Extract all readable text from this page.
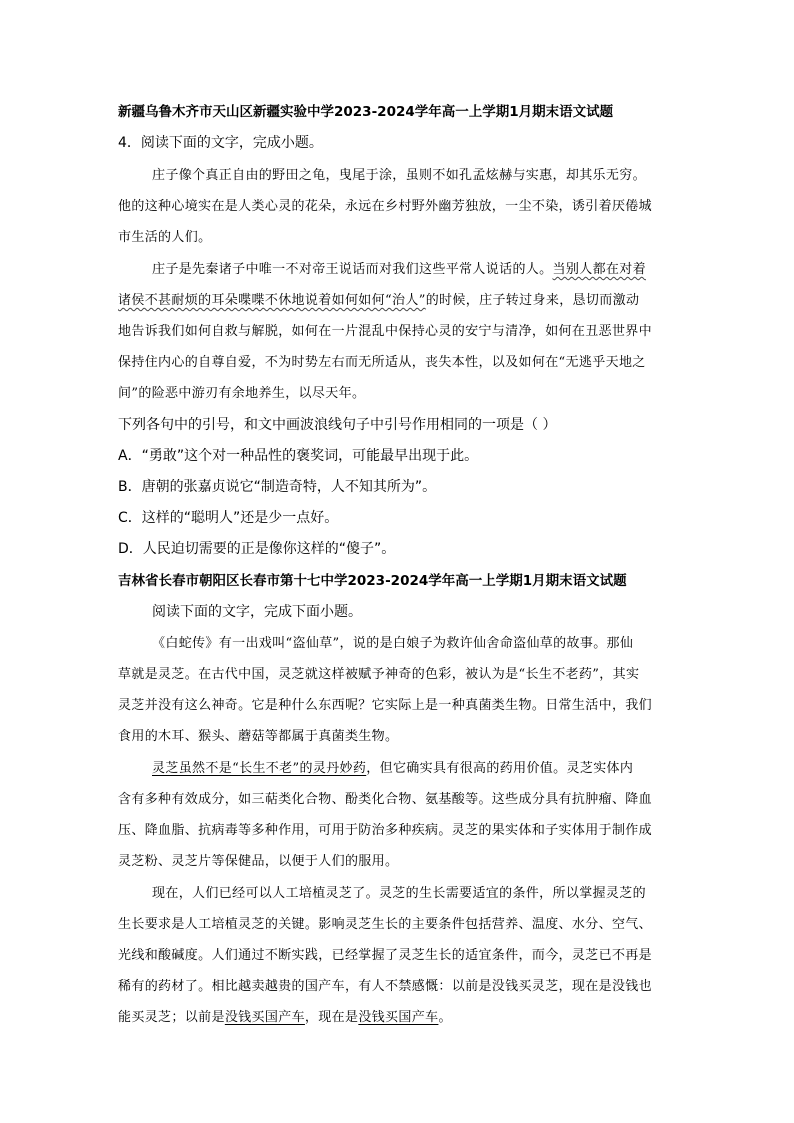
新疆乌鲁木齐市天山区新疆实验中学2023-2024学年高一上学期1月期末语文试题
4．阅读下面的文字，完成小题。
庄子像个真正自由的野田之龟，曳尾于涂，虽则不如孔孟炫赫与实惠，却其乐无穷。
他的这种心境实在是人类心灵的花朵，永远在乡村野外幽芳独放，一尘不染，诱引着厌倦城
市生活的人们。
庄子是先秦诸子中唯一不对帝王说话而对我们这些平常人说话的人。当别人都在对着
诸侯不甚耐烦的耳朵喋喋不休地说着如何如何“治人”的时候，庄子转过身来，恳切而激动
地告诉我们如何自救与解脱，如何在一片混乱中保持心灵的安宁与清净，如何在丑恶世界中
保持住内心的自尊自爱，不为时势左右而无所适从，丧失本性，以及如何在“无逃乎天地之
间”的险恶中游刃有余地养生，以尽天年。
下列各句中的引号，和文中画波浪线句子中引号作用相同的一项是（ ）
A．“勇敢”这个对一种品性的褒奖词，可能最早出现于此。
B．唐朝的张嘉贞说它“制造奇特，人不知其所为”。
C．这样的“聪明人”还是少一点好。
D．人民迫切需要的正是像你这样的“傻子”。
吉林省长春市朝阳区长春市第十七中学2023-2024学年高一上学期1月期末语文试题
阅读下面的文字，完成下面小题。
《白蛇传》有一出戏叫“盗仙草”，说的是白娘子为救许仙舍命盗仙草的故事。那仙
草就是灵芝。在古代中国，灵芝就这样被赋予神奇的色彩，被认为是“长生不老药”，其实
灵芝并没有这么神奇。它是种什么东西呢？它实际上是一种真菌类生物。日常生活中，我们
食用的木耳、猴头、蘑菇等都属于真菌类生物。
灵芝虽然不是“长生不老”的灵丹妙药，但它确实具有很高的药用价值。灵芝实体内
含有多种有效成分，如三萜类化合物、酚类化合物、氨基酸等。这些成分具有抗肿瘤、降血
压、降血脂、抗病毒等多种作用，可用于防治多种疾病。灵芝的果实体和子实体用于制作成
灵芝粉、灵芝片等保健品，以便于人们的服用。
现在，人们已经可以人工培植灵芝了。灵芝的生长需要适宜的条件，所以掌握灵芝的
生长要求是人工培植灵芝的关键。影响灵芝生长的主要条件包括营养、温度、水分、空气、
光线和酸碱度。人们通过不断实践，已经掌握了灵芝生长的适宜条件，而今，灵芝已不再是
稀有的药材了。相比越卖越贵的国产车，有人不禁感慨：以前是没钱买灵芝，现在是没钱也
能买灵芝；以前是没钱买国产车，现在是没钱买国产车。
